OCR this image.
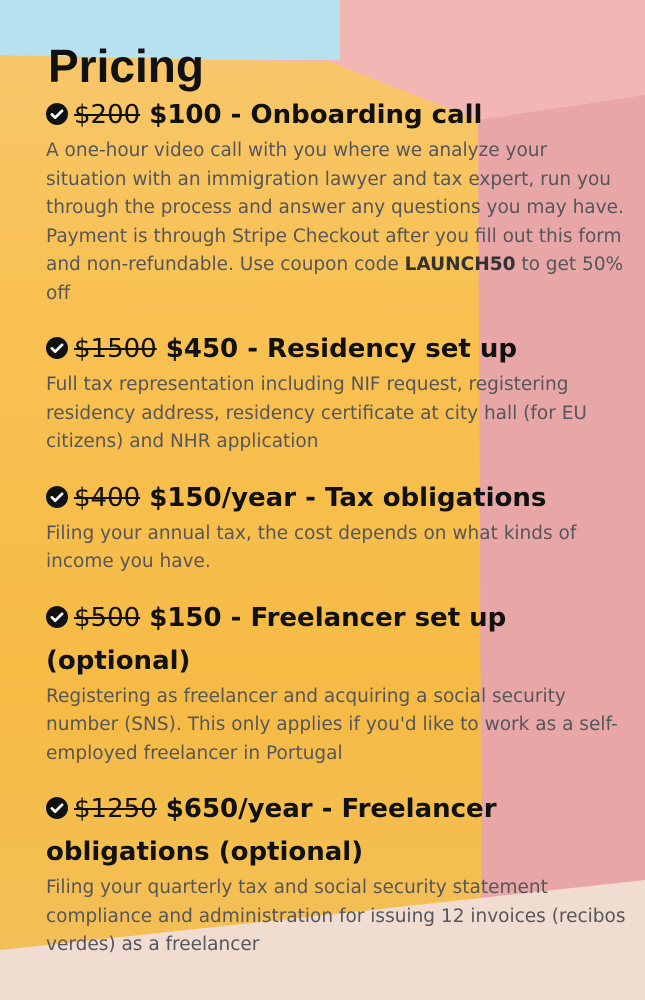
Pricing

$200 $100 - Onboarding call

A one-hour video call with you where we analyze your situation with an immigration lawyer and tax expert, run you through the process and answer any questions you may have. Payment is through Stripe Checkout after you fill out this form and non-refundable. Use coupon code LAUNCH50 to get 50% off

$1500 $450 - Residency set up

Full tax representation including NIF request, registering residency address, residency certificate at city hall (for EU citizens) and NHR application

$400 $150/year - Tax obligations

Filing your annual tax, the cost depends on what kinds of income you have.

$500 $150 - Freelancer set up (optional)

Registering as freelancer and acquiring a social security number (SNS). This only applies if you'd like to work as a self-employed freelancer in Portugal

$1250 $650/year - Freelancer obligations (optional)

Filing your quarterly tax and social security statement compliance and administration for issuing 12 invoices (recibos verdes) as a freelancer
